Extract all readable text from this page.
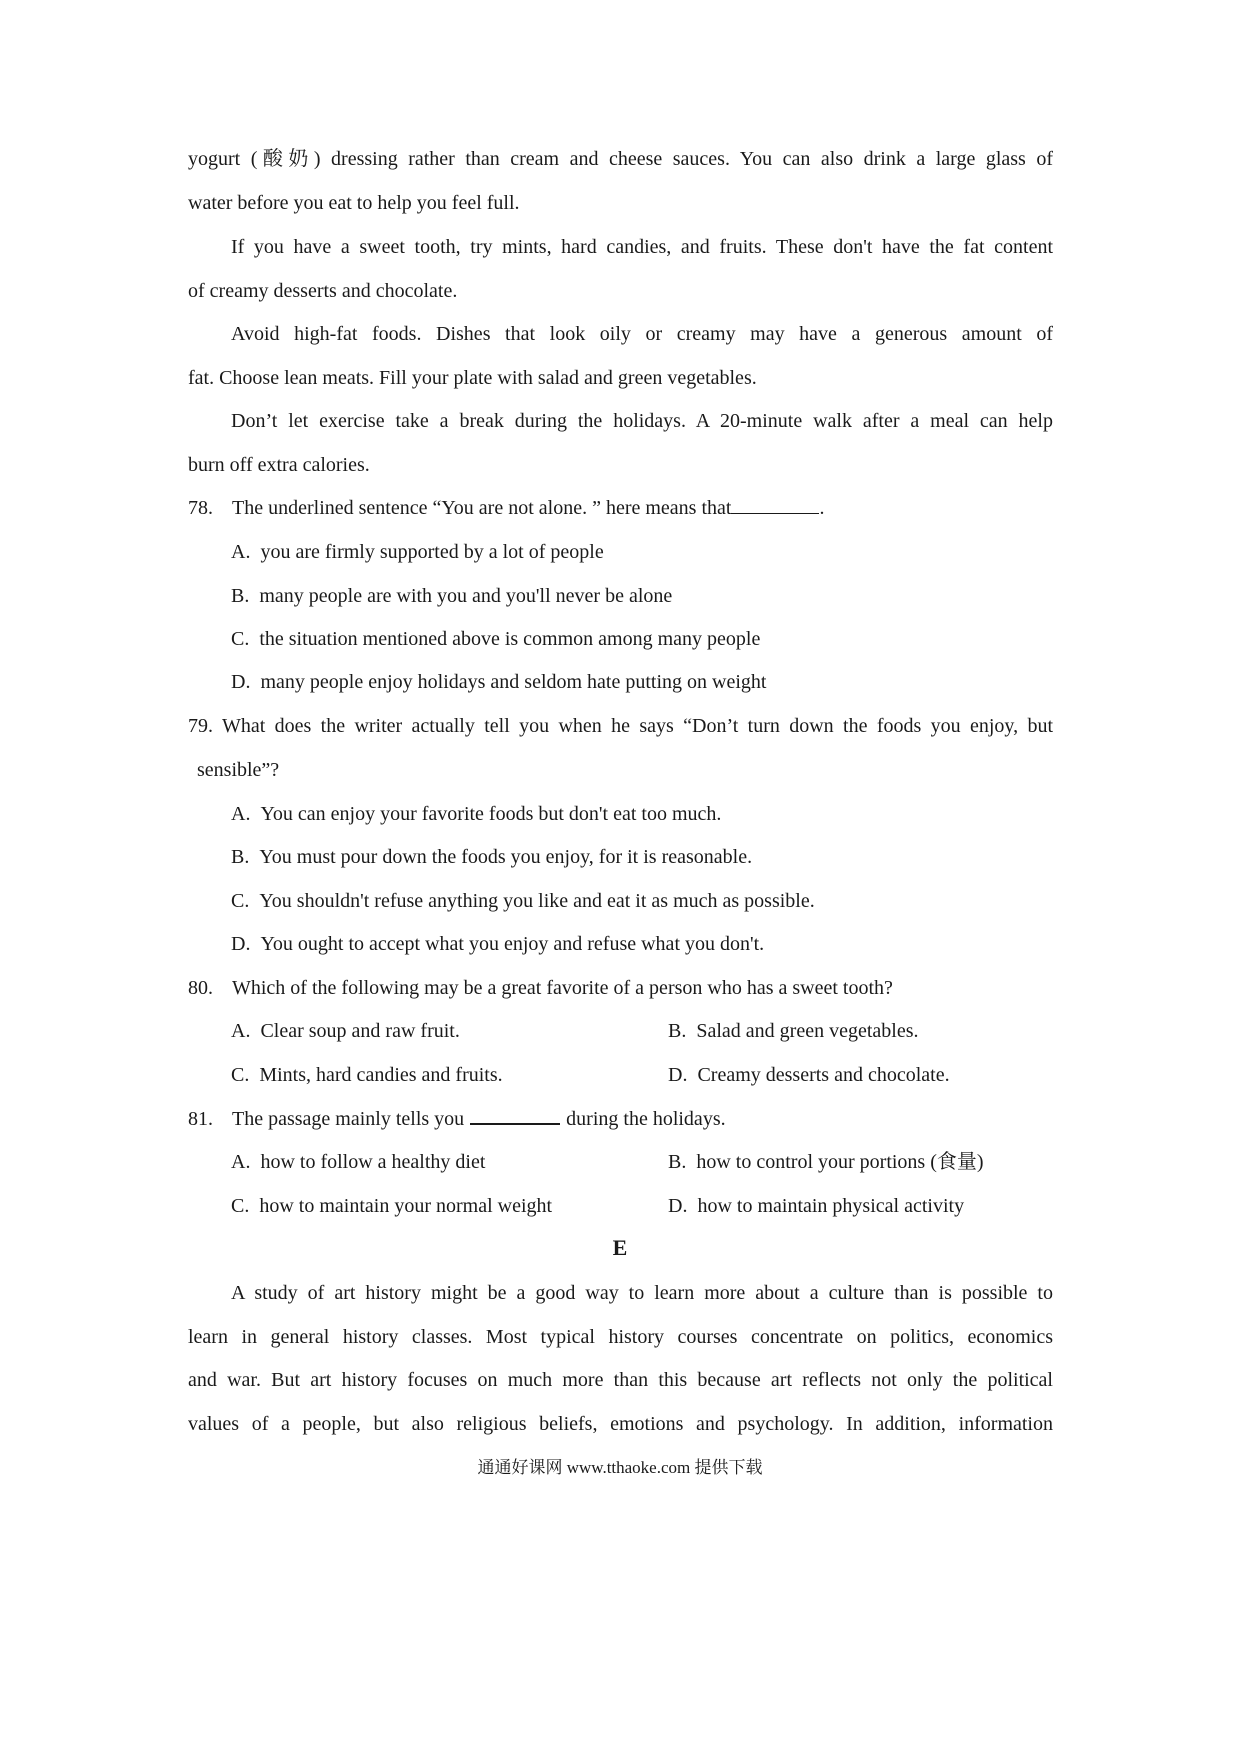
yogurt (酸奶) dressing rather than cream and cheese sauces. You can also drink a large glass of
water before you eat to help you feel full.
If you have a sweet tooth, try mints, hard candies, and fruits. These don't have the fat content
of creamy desserts and chocolate.
Avoid high-fat foods. Dishes that look oily or creamy may have a generous amount of
fat. Choose lean meats. Fill your plate with salad and green vegetables.
Don’t let exercise take a break during the holidays. A 20-minute walk after a meal can help
burn off extra calories.
78. The underlined sentence “You are not alone. ” here means that	.
A. you are firmly supported by a lot of people
B. many people are with you and you'll never be alone
C. the situation mentioned above is common among many people
D. many people enjoy holidays and seldom hate putting on weight
79. What does the writer actually tell you when he says “Don’t turn down the foods you enjoy, but
sensible”?
A. You can enjoy your favorite foods but don't eat too much.
B. You must pour down the foods you enjoy, for it is reasonable.
C. You shouldn't refuse anything you like and eat it as much as possible.
D. You ought to accept what you enjoy and refuse what you don't.
80. Which of the following may be a great favorite of a person who has a sweet tooth?
A. Clear soup and raw fruit.	B. Salad and green vegetables.
C. Mints, hard candies and fruits.	D. Creamy desserts and chocolate.
81. The passage mainly tells you	during the holidays.
A. how to follow a healthy diet	B. how to control your portions (食量)
C. how to maintain your normal weight	D. how to maintain physical activity
E
A study of art history might be a good way to learn more about a culture than is possible to
learn in general history classes. Most typical history courses concentrate on politics, economics
and war. But art history focuses on much more than this because art reflects not only the political
values of a people, but also religious beliefs, emotions and psychology. In addition, information
通通好课网 www.tthaoke.com 提供下载
